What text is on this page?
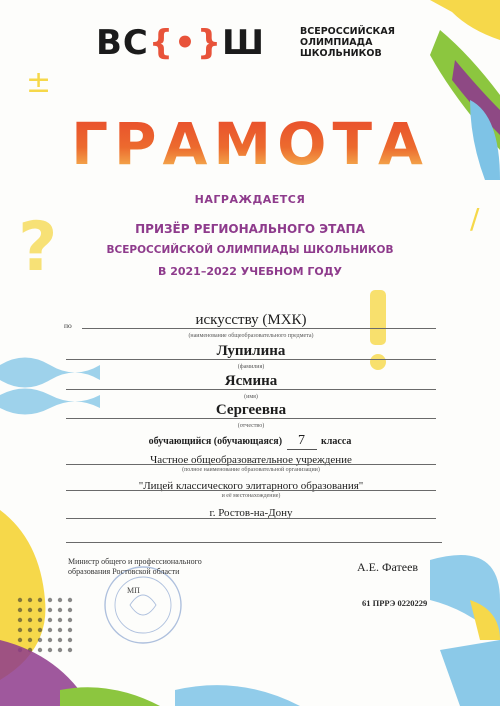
±
?	/
ВС{•}Ш	ВСЕРОССИЙСКАЯ
ОЛИМПИАДА
ШКОЛЬНИКОВ
ГРАМОТА
НАГРАЖДАЕТСЯ
ПРИЗЁР РЕГИОНАЛЬНОГО ЭТАПА
ВСЕРОССИЙСКОЙ ОЛИМПИАДЫ ШКОЛЬНИКОВ
В 2021–2022 УЧЕБНОМ ГОДУ
по	искусству (МХК)
(наименование общеобразовательного предмета)
Лупилина
(фамилия)
Ясмина
(имя)
Сергеевна
(отчество)
обучающийся (обучающаяся) 7 класса
Частное общеобразовательное учреждение
(полное наименование образовательной организации)
"Лицей классического элитарного образования"
и её местонахождение)
г. Ростов-на-Дону
Министр общего и профессионального
образования Ростовской области
МП
А.Е. Фатеев
61 ПРРЭ 0220229
